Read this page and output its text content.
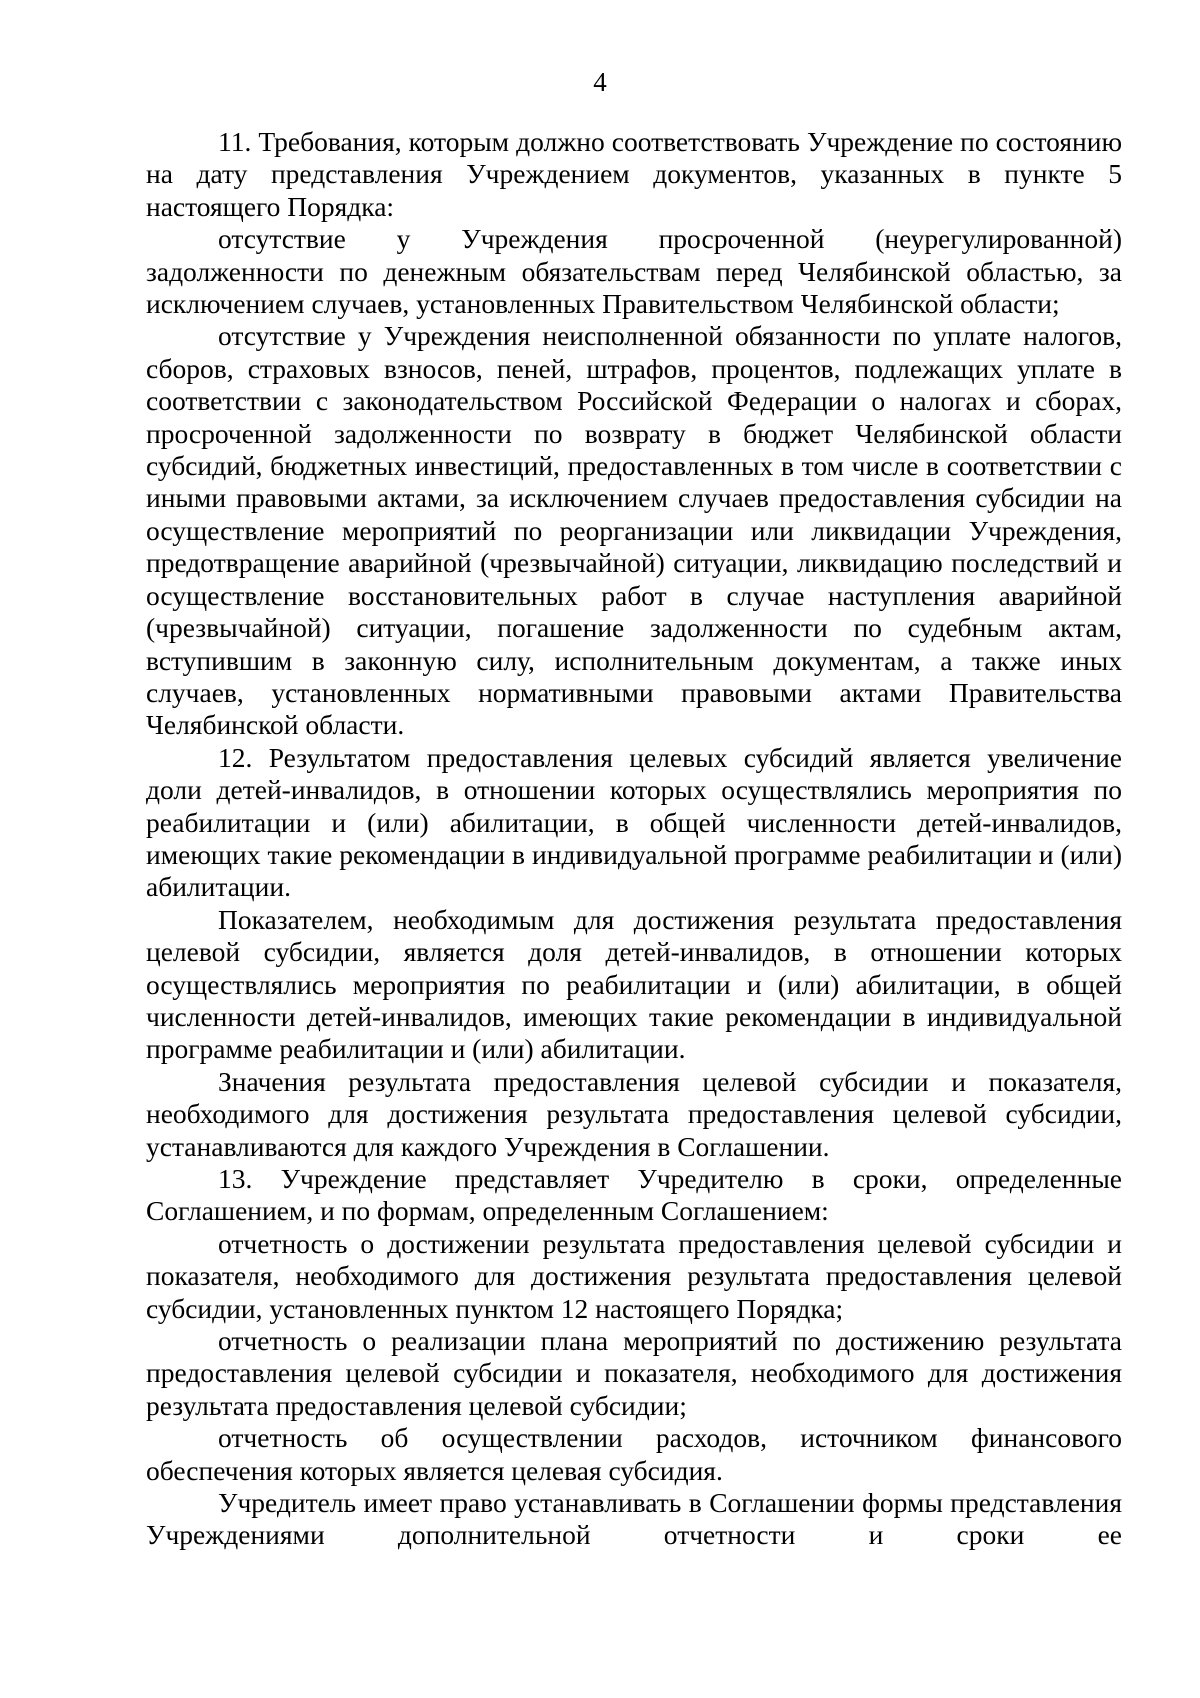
4

11. Требования, которым должно соответствовать Учреждение по состоянию на дату представления Учреждением документов, указанных в пункте 5 настоящего Порядка:

отсутствие у Учреждения просроченной (неурегулированной) задолженности по денежным обязательствам перед Челябинской областью, за исключением случаев, установленных Правительством Челябинской области;

отсутствие у Учреждения неисполненной обязанности по уплате налогов, сборов, страховых взносов, пеней, штрафов, процентов, подлежащих уплате в соответствии с законодательством Российской Федерации о налогах и сборах, просроченной задолженности по возврату в бюджет Челябинской области субсидий, бюджетных инвестиций, предоставленных в том числе в соответствии с иными правовыми актами, за исключением случаев предоставления субсидии на осуществление мероприятий по реорганизации или ликвидации Учреждения, предотвращение аварийной (чрезвычайной) ситуации, ликвидацию последствий и осуществление восстановительных работ в случае наступления аварийной (чрезвычайной) ситуации, погашение задолженности по судебным актам, вступившим в законную силу, исполнительным документам, а также иных случаев, установленных нормативными правовыми актами Правительства Челябинской области.

12. Результатом предоставления целевых субсидий является увеличение доли детей-инвалидов, в отношении которых осуществлялись мероприятия по реабилитации и (или) абилитации, в общей численности детей-инвалидов, имеющих такие рекомендации в индивидуальной программе реабилитации и (или) абилитации.

Показателем, необходимым для достижения результата предоставления целевой субсидии, является доля детей-инвалидов, в отношении которых осуществлялись мероприятия по реабилитации и (или) абилитации, в общей численности детей-инвалидов, имеющих такие рекомендации в индивидуальной программе реабилитации и (или) абилитации.

Значения результата предоставления целевой субсидии и показателя, необходимого для достижения результата предоставления целевой субсидии, устанавливаются для каждого Учреждения в Соглашении.

13. Учреждение представляет Учредителю в сроки, определенные Соглашением, и по формам, определенным Соглашением:

отчетность о достижении результата предоставления целевой субсидии и показателя, необходимого для достижения результата предоставления целевой субсидии, установленных пунктом 12 настоящего Порядка;

отчетность о реализации плана мероприятий по достижению результата предоставления целевой субсидии и показателя, необходимого для достижения результата предоставления целевой субсидии;

отчетность об осуществлении расходов, источником финансового обеспечения которых является целевая субсидия.

Учредитель имеет право устанавливать в Соглашении формы представления Учреждениями дополнительной отчетности и сроки ее
